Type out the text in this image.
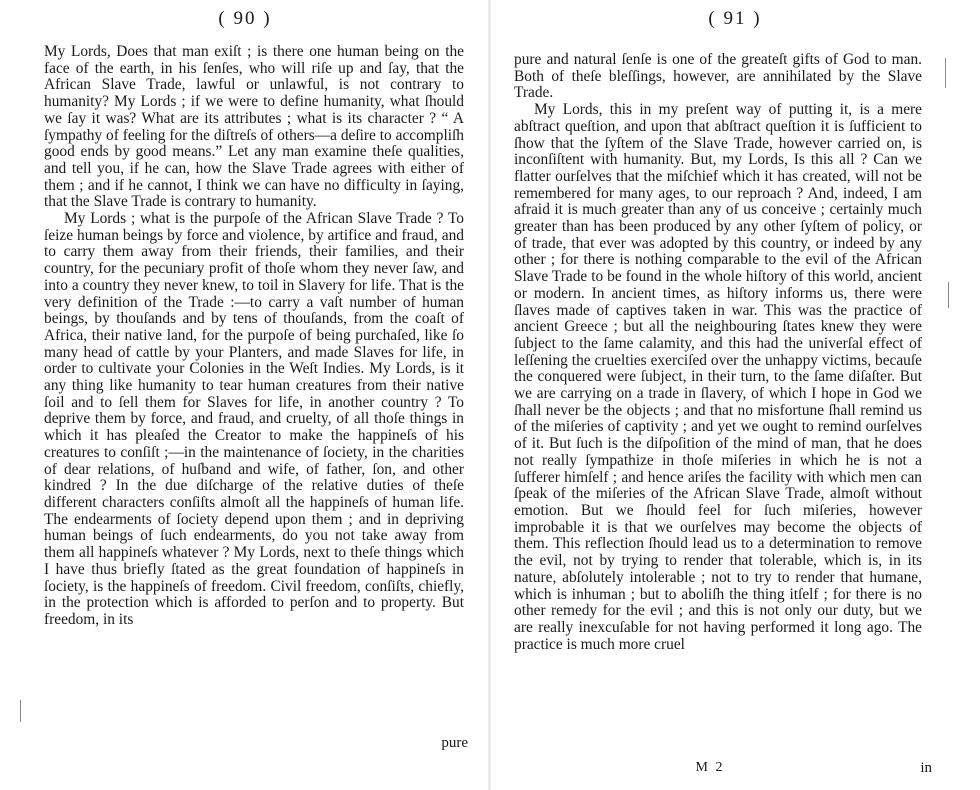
( 90 )

My Lords, Does that man exiſt ; is there one human being on the face of the earth, in his ſenſes, who will riſe up and ſay, that the African Slave Trade, lawful or unlawful, is not contrary to humanity? My Lords ; if we were to define humanity, what ſhould we ſay it was? What are its attributes ; what is its character ? “ A ſympathy of feeling for the diſtreſs of others—a deſire to accompliſh good ends by good means.” Let any man examine theſe qualities, and tell you, if he can, how the Slave Trade agrees with either of them ; and if he cannot, I think we can have no difficulty in ſaying, that the Slave Trade is contrary to humanity.

My Lords ; what is the purpoſe of the African Slave Trade ? To ſeize human beings by force and violence, by artifice and fraud, and to carry them away from their friends, their families, and their country, for the pecuniary profit of thoſe whom they never ſaw, and into a country they never knew, to toil in Slavery for life. That is the very definition of the Trade :—to carry a vaſt number of human beings, by thouſands and by tens of thouſands, from the coaſt of Africa, their native land, for the purpoſe of being purchaſed, like ſo many head of cattle by your Planters, and made Slaves for life, in order to cultivate your Colonies in the Weſt Indies. My Lords, is it any thing like humanity to tear human creatures from their native ſoil and to ſell them for Slaves for life, in another country ? To deprive them by force, and fraud, and cruelty, of all thoſe things in which it has pleaſed the Creator to make the happineſs of his creatures to conſiſt ;—in the maintenance of ſociety, in the charities of dear relations, of huſband and wife, of father, ſon, and other kindred ? In the due diſcharge of the relative duties of theſe different characters conſiſts almoſt all the happineſs of human life. The endearments of ſociety depend upon them ; and in depriving human beings of ſuch endearments, do you not take away from them all happineſs whatever ? My Lords, next to theſe things which I have thus briefly ſtated as the great foundation of happineſs in ſociety, is the happineſs of freedom. Civil freedom, conſiſts, chiefly, in the protection which is afforded to perſon and to property. But freedom, in its

pure
( 91 )

pure and natural ſenſe is one of the greateſt gifts of God to man. Both of theſe bleſſings, however, are annihilated by the Slave Trade.

My Lords, this in my preſent way of putting it, is a mere abſtract queſtion, and upon that abſtract queſtion it is ſufficient to ſhow that the ſyſtem of the Slave Trade, however carried on, is inconſiſtent with humanity. But, my Lords, Is this all ? Can we flatter ourſelves that the miſchief which it has created, will not be remembered for many ages, to our reproach ? And, indeed, I am afraid it is much greater than any of us conceive ; certainly much greater than has been produced by any other ſyſtem of policy, or of trade, that ever was adopted by this country, or indeed by any other ; for there is nothing comparable to the evil of the African Slave Trade to be found in the whole hiſtory of this world, ancient or modern. In ancient times, as hiſtory informs us, there were ſlaves made of captives taken in war. This was the practice of ancient Greece ; but all the neighbouring ſtates knew they were ſubject to the ſame calamity, and this had the univerſal effect of leſſening the cruelties exerciſed over the unhappy victims, becauſe the conquered were ſubject, in their turn, to the ſame diſaſter. But we are carrying on a trade in ſlavery, of which I hope in God we ſhall never be the objects ; and that no misfortune ſhall remind us of the miſeries of captivity ; and yet we ought to remind ourſelves of it. But ſuch is the diſpoſition of the mind of man, that he does not really ſympathize in thoſe miſeries in which he is not a ſufferer himſelf ; and hence ariſes the facility with which men can ſpeak of the miſeries of the African Slave Trade, almoſt without emotion. But we ſhould feel for ſuch miſeries, however improbable it is that we ourſelves may become the objects of them. This reflection ſhould lead us to a determination to remove the evil, not by trying to render that tolerable, which is, in its nature, abſolutely intolerable ; not to try to render that humane, which is inhuman ; but to aboliſh the thing itſelf ; for there is no other remedy for the evil ; and this is not only our duty, but we are really inexcuſable for not having performed it long ago. The practice is much more cruel

M 2	in
